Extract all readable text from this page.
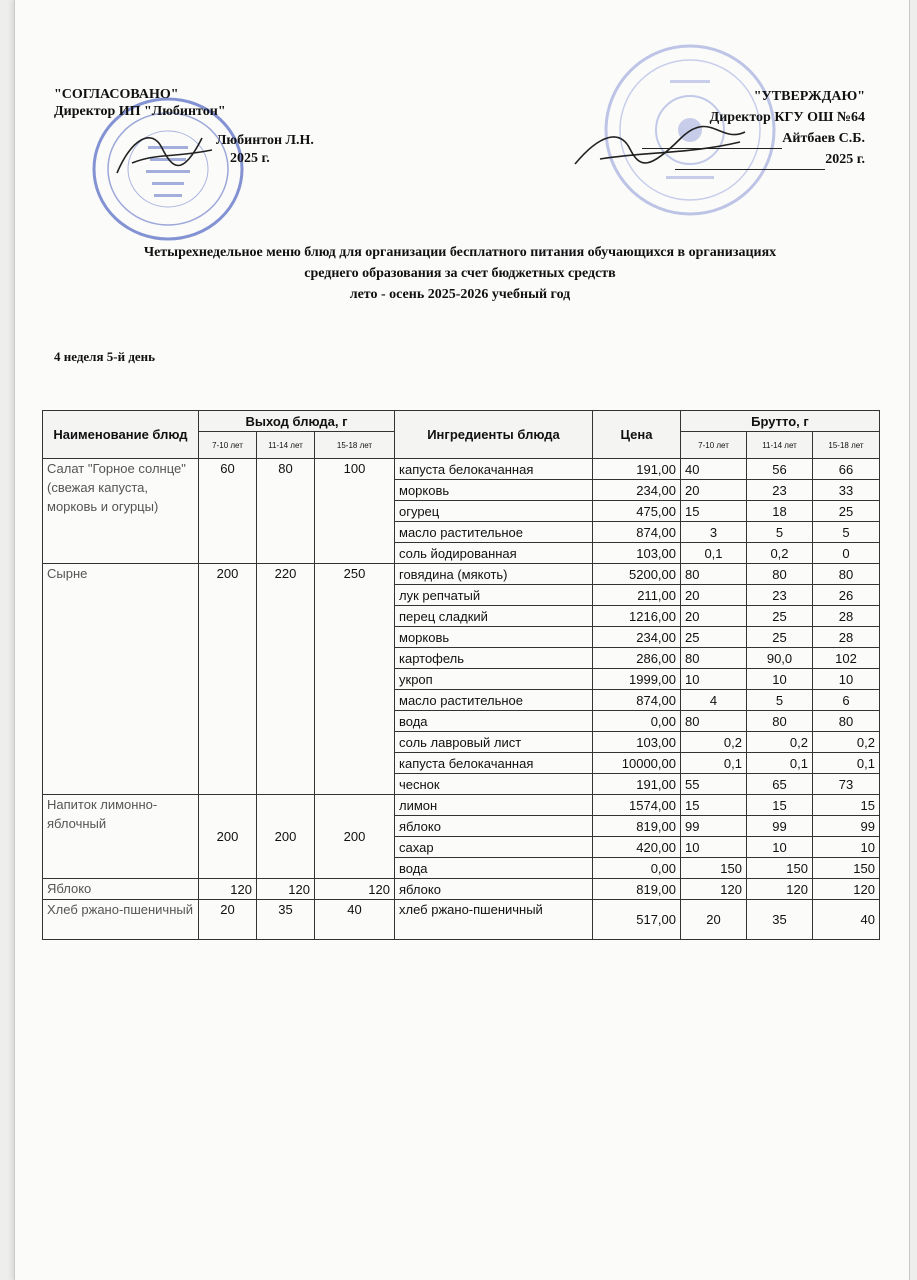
"СОГЛАСОВАНО"
Директор ИП "Любинтон"
Любинтон Л.Н.
2025 г.
"УТВЕРЖДАЮ"
Директор КГУ ОШ №64
Айтбаев С.Б.
2025 г.
Четырехнедельное меню блюд для организации бесплатного питания обучающихся в организациях
среднего образования за счет бюджетных средств
лето - осень 2025-2026 учебный год
4 неделя 5-й день
Наименование блюд	Выход блюда, г			Ингредиенты блюда	Цена	Брутто, г		
	7-10 лет	11-14 лет	15-18 лет			7-10 лет	11-14 лет	15-18 лет
Салат "Горное солнце" (свежая капуста, морковь и огурцы)	60	80	100	капуста белокачанная	191,00	40	56	66
				морковь	234,00	20	23	33
				огурец	475,00	15	18	25
				масло растительное	874,00	3	5	5
				соль йодированная	103,00	0,1	0,2	0
Сырне	200	220	250	говядина (мякоть)	5200,00	80	80	80
				лук репчатый	211,00	20	23	26
				перец сладкий	1216,00	20	25	28
				морковь	234,00	25	25	28
				картофель	286,00	80	90,0	102
				укроп	1999,00	10	10	10
				масло растительное	874,00	4	5	6
				вода	0,00	80	80	80
				соль лавровый лист	103,00	0,2	0,2	0,2
				капуста белокачанная	10000,00	0,1	0,1	0,1
				чеснок	191,00	55	65	73
Напиток лимонно-яблочный	200	200	200	лимон	1574,00	15	15	15
				яблоко	819,00	99	99	99
				сахар	420,00	10	10	10
				вода	0,00	150	150	150
Яблоко	120	120	120	яблоко	819,00	120	120	120
Хлеб ржано-пшеничный	20	35	40	хлеб ржано-пшеничный	517,00	20	35	40
